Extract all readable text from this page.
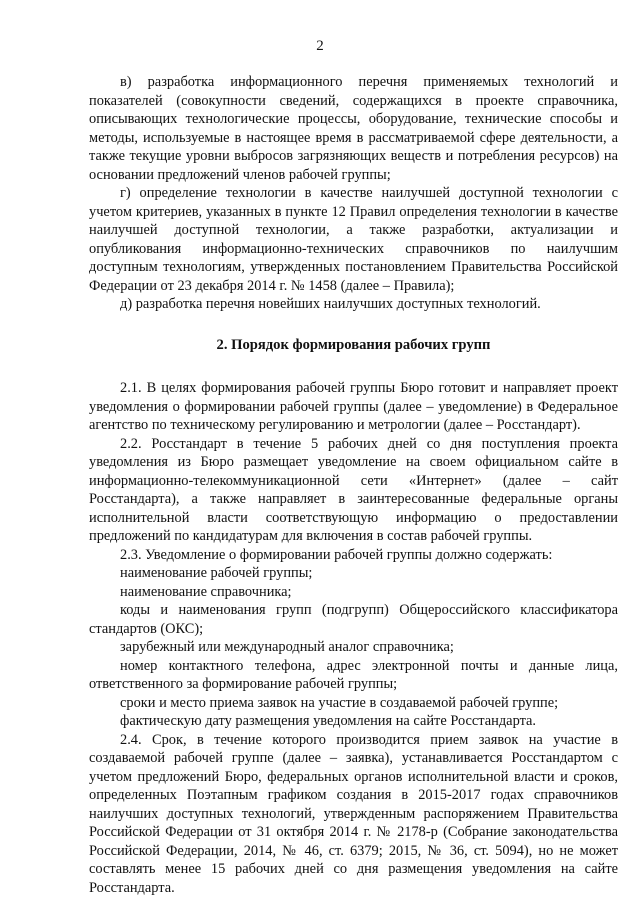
2

в) разработка информационного перечня применяемых технологий и показателей (совокупности сведений, содержащихся в проекте справочника, описывающих технологические процессы, оборудование, технические способы и методы, используемые в настоящее время в рассматриваемой сфере деятельности, а также текущие уровни выбросов загрязняющих веществ и потребления ресурсов) на основании предложений членов рабочей группы;

г) определение технологии в качестве наилучшей доступной технологии с учетом критериев, указанных в пункте 12 Правил определения технологии в качестве наилучшей доступной технологии, а также разработки, актуализации и опубликования информационно-технических справочников по наилучшим доступным технологиям, утвержденных постановлением Правительства Российской Федерации от 23 декабря 2014 г. № 1458 (далее – Правила);

д) разработка перечня новейших наилучших доступных технологий.

2. Порядок формирования рабочих групп

2.1. В целях формирования рабочей группы Бюро готовит и направляет проект уведомления о формировании рабочей группы (далее – уведомление) в Федеральное агентство по техническому регулированию и метрологии (далее – Росстандарт).

2.2. Росстандарт в течение 5 рабочих дней со дня поступления проекта уведомления из Бюро размещает уведомление на своем официальном сайте в информационно-телекоммуникационной сети «Интернет» (далее – сайт Росстандарта), а также направляет в заинтересованные федеральные органы исполнительной власти соответствующую информацию о предоставлении предложений по кандидатурам для включения в состав рабочей группы.

2.3. Уведомление о формировании рабочей группы должно содержать:

наименование рабочей группы;

наименование справочника;

коды и наименования групп (подгрупп) Общероссийского классификатора стандартов (ОКС);

зарубежный или международный аналог справочника;

номер контактного телефона, адрес электронной почты и данные лица, ответственного за формирование рабочей группы;

сроки и место приема заявок на участие в создаваемой рабочей группе;

фактическую дату размещения уведомления на сайте Росстандарта.

2.4. Срок, в течение которого производится прием заявок на участие в создаваемой рабочей группе (далее – заявка), устанавливается Росстандартом с учетом предложений Бюро, федеральных органов исполнительной власти и сроков, определенных Поэтапным графиком создания в 2015-2017 годах справочников наилучших доступных технологий, утвержденным распоряжением Правительства Российской Федерации от 31 октября 2014 г. № 2178-р (Собрание законодательства Российской Федерации, 2014, № 46, ст. 6379; 2015, № 36, ст. 5094), но не может составлять менее 15 рабочих дней со дня размещения уведомления на сайте Росстандарта.
